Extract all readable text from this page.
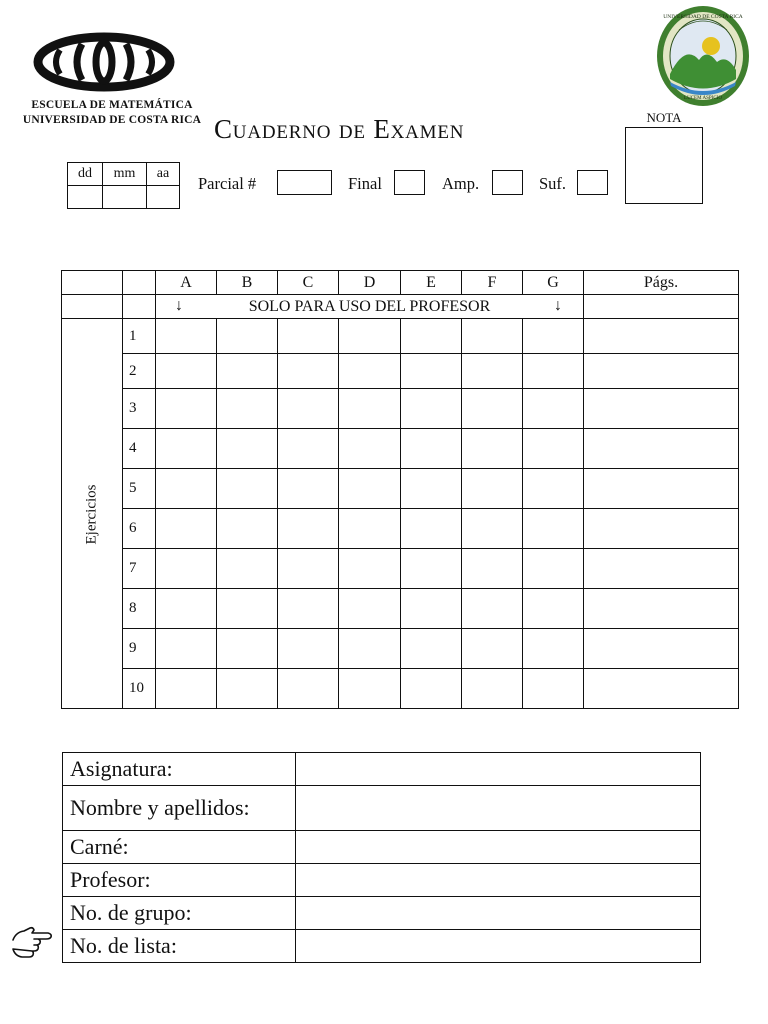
ESCUELA DE MATEMÁTICA
UNIVERSIDAD DE COSTA RICA
UNIVERSIDAD DE COSTA RICA
LUCEM ASPICIO
Cuaderno de Examen	NOTA
dd	mm	aa

Parcial #	Final	Amp.	Suf.
		A	B	C	D	E	F	G	Págs.

		↓ SOLO PARA USO DEL PROFESOR ↓							

Ejercicios	1								
	2								
	3								
	4								
	5								
	6								
	7								
	8								
	9								
	10								
Asignatura:	
Nombre y apellidos:	
Carné:	
Profesor:	
No. de grupo:	
No. de lista:	
